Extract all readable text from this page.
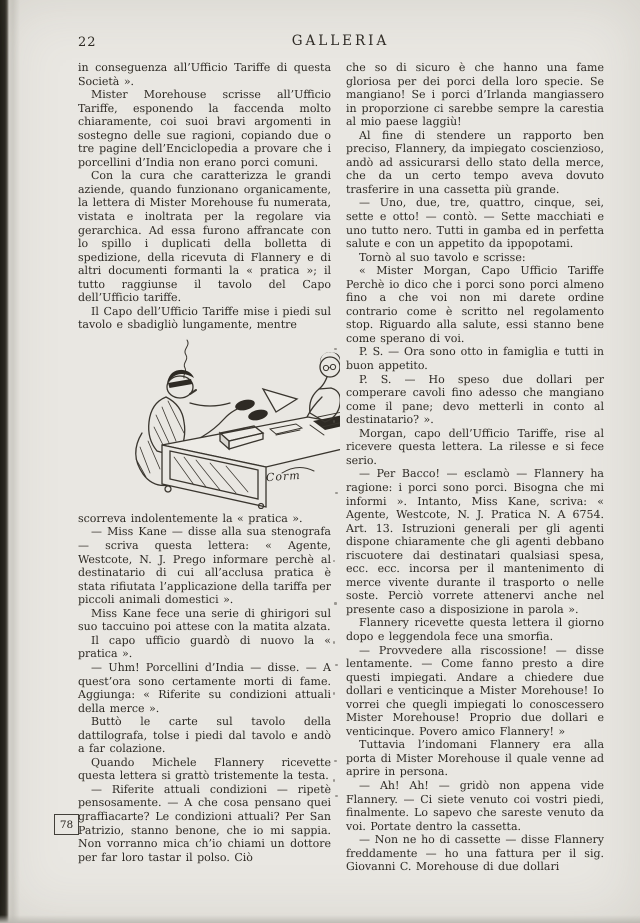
22	GALLERIA

in conseguenza all’Ufficio Tariffe di questa Società ».

Mister Morehouse scrisse all’Ufficio Tariffe, esponendo la faccenda molto chiaramente, coi suoi bravi argomenti in sostegno delle sue ragioni, copiando due o tre pagine dell’Enciclopedia a provare che i porcellini d’India non erano porci comuni.

Con la cura che caratterizza le grandi aziende, quando funzionano organicamente, la lettera di Mister Morehouse fu numerata, vistata e inoltrata per la regolare via gerarchica. Ad essa furono affrancate con lo spillo i duplicati della bolletta di spedizione, della ricevuta di Flannery e di altri documenti formanti la « pratica »; il tutto raggiunse il tavolo del Capo dell’Ufficio tariffe.

Il Capo dell’Ufficio Tariffe mise i piedi sul tavolo e sbadigliò lungamente, mentre

Corm

scorreva indolentemente la « pratica ».

— Miss Kane — disse alla sua stenografa — scriva questa lettera: « Agente, Westcote, N. J. Prego informare perchè al destinatario di cui all’acclusa pratica è stata rifiutata l’applicazione della tariffa per piccoli animali domestici ».

Miss Kane fece una serie di ghirigori sul suo taccuino poi attese con la matita alzata.

Il capo ufficio guardò di nuovo la « pratica ».

— Uhm! Porcellini d’India — disse. — A quest’ora sono certamente morti di fame. Aggiunga: « Riferite su condizioni attuali della merce ».

Buttò le carte sul tavolo della dattilografa, tolse i piedi dal tavolo e andò a far colazione.

Quando Michele Flannery ricevette questa lettera si grattò tristemente la testa.

— Riferite attuali condizioni — ripetè pensosamente. — A che cosa pensano quei graffiacarte? Le condizioni attuali? Per San Patrizio, stanno benone, che io mi sappia. Non vorranno mica ch’io chiami un dottore per far loro tastar il polso. Ciò

che so di sicuro è che hanno una fame gloriosa per dei porci della loro specie. Se mangiano! Se i porci d’Irlanda mangiassero in proporzione ci sarebbe sempre la carestia al mio paese laggiù!

Al fine di stendere un rapporto ben preciso, Flannery, da impiegato coscienzioso, andò ad assicurarsi dello stato della merce, che da un certo tempo aveva dovuto trasferire in una cassetta più grande.

— Uno, due, tre, quattro, cinque, sei, sette e otto! — contò. — Sette macchiati e uno tutto nero. Tutti in gamba ed in perfetta salute e con un appetito da ippopotami.

Tornò al suo tavolo e scrisse:

« Mister Morgan, Capo Ufficio Tariffe Perchè io dico che i porci sono porci almeno fino a che voi non mi darete ordine contrario come è scritto nel regolamento stop. Riguardo alla salute, essi stanno bene come sperano di voi.

P. S. — Ora sono otto in famiglia e tutti in buon appetito.

P. S. — Ho speso due dollari per comperare cavoli fino adesso che mangiano come il pane; devo metterli in conto al destinatario? ».

Morgan, capo dell’Ufficio Tariffe, rise al ricevere questa lettera. La rilesse e si fece serio.

— Per Bacco! — esclamò — Flannery ha ragione: i porci sono porci. Bisogna che mi informi ». Intanto, Miss Kane, scriva: « Agente, Westcote, N. J. Pratica N. A 6754. Art. 13. Istruzioni generali per gli agenti dispone chiaramente che gli agenti debbano riscuotere dai destinatari qualsiasi spesa, ecc. ecc. incorsa per il mantenimento di merce vivente durante il trasporto o nelle soste. Perciò vorrete attenervi anche nel presente caso a disposizione in parola ».

Flannery ricevette questa lettera il giorno dopo e leggendola fece una smorfia.

— Provvedere alla riscossione! — disse lentamente. — Come fanno presto a dire questi impiegati. Andare a chiedere due dollari e venticinque a Mister Morehouse! Io vorrei che quegli impiegati lo conoscessero Mister Morehouse! Proprio due dollari e venticinque. Povero amico Flannery! »

Tuttavia l’indomani Flannery era alla porta di Mister Morehouse il quale venne ad aprire in persona.

— Ah! Ah! — gridò non appena vide Flannery. — Ci siete venuto coi vostri piedi, finalmente. Lo sapevo che sareste venuto da voi. Portate dentro la cassetta.

— Non ne ho di cassette — disse Flannery freddamente — ho una fattura per il sig. Giovanni C. Morehouse di due dollari

78
